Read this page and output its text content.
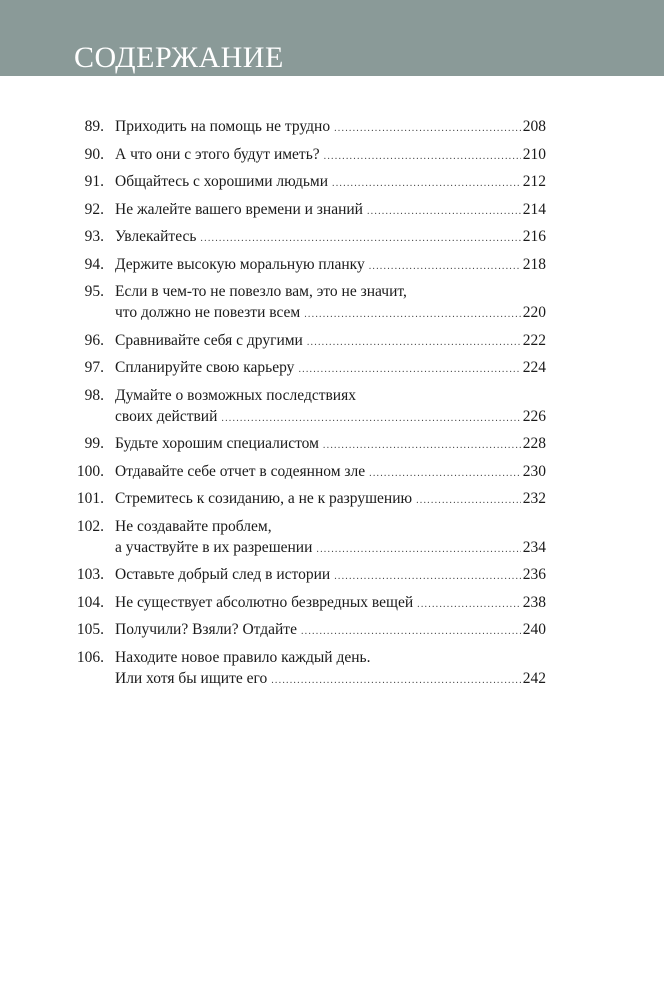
СОДЕРЖАНИЕ
89. Приходить на помощь не трудно .....	208
90. А что они с этого будут иметь? .....	210
91. Общайтесь с хорошими людьми .....	212
92. Не жалейте вашего времени и знаний .....	214
93. Увлекайтесь .....	216
94. Держите высокую моральную планку .....	218
95. Если в чем-то не повезло вам, это не значит,
что должно не повезти всем .....	220
96. Сравнивайте себя с другими .....	222
97. Спланируйте свою карьеру .....	224
98. Думайте о возможных последствиях
своих действий .....	226
99. Будьте хорошим специалистом .....	228
100. Отдавайте себе отчет в содеянном зле .....	230
101. Стремитесь к созиданию, а не к разрушению .....	232
102. Не создавайте проблем,
а участвуйте в их разрешении .....	234
103. Оставьте добрый след в истории .....	236
104. Не существует абсолютно безвредных вещей .....	238
105. Получили? Взяли? Отдайте .....	240
106. Находите новое правило каждый день.
Или хотя бы ищите его .....	242
